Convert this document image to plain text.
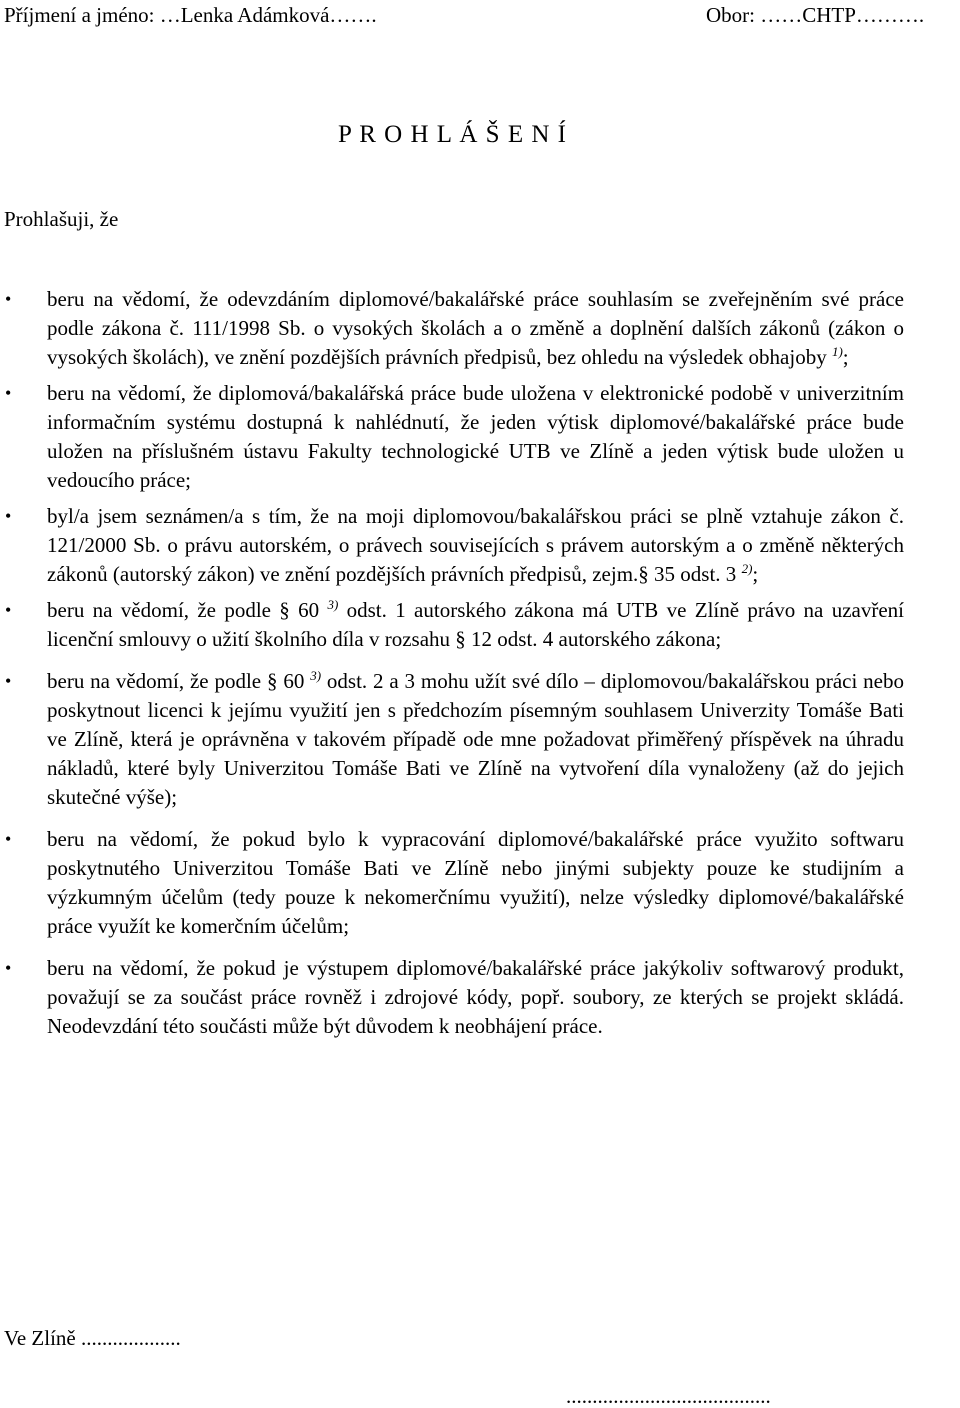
Příjmení a jméno: …Lenka Adámková…….	Obor: ……CHTP……….
P R O H L Á Š E N Í
Prohlašuji, že
• beru na vědomí, že odevzdáním diplomové/bakalářské práce souhlasím se zveřejněním své práce podle zákona č. 111/1998 Sb. o vysokých školách a o změně a doplnění dalších zákonů (zákon o vysokých školách), ve znění pozdějších právních předpisů, bez ohledu na výsledek obhajoby $^{1)}$;
• beru na vědomí, že diplomová/bakalářská práce bude uložena v elektronické podobě v univerzitním informačním systému dostupná k nahlédnutí, že jeden výtisk diplomové/bakalářské práce bude uložen na příslušném ústavu Fakulty technologické UTB ve Zlíně a jeden výtisk bude uložen u vedoucího práce;
• byl/a jsem seznámen/a s tím, že na moji diplomovou/bakalářskou práci se plně vztahuje zákon č. 121/2000 Sb. o právu autorském, o právech souvisejících s právem autorským a o změně některých zákonů (autorský zákon) ve znění pozdějších právních předpisů, zejm.§ 35 odst. 3 $^{2)}$;
• beru na vědomí, že podle § 60 $^{3)}$ odst. 1 autorského zákona má UTB ve Zlíně právo na uzavření licenční smlouvy o užití školního díla v rozsahu § 12 odst. 4 autorského zákona;
• beru na vědomí, že podle § 60 $^{3)}$ odst. 2 a 3 mohu užít své dílo – diplomovou/bakalářskou práci nebo poskytnout licenci k jejímu využití jen s předchozím písemným souhlasem Univerzity Tomáše Bati ve Zlíně, která je oprávněna v takovém případě ode mne požadovat přiměřený příspěvek na úhradu nákladů, které byly Univerzitou Tomáše Bati ve Zlíně na vytvoření díla vynaloženy (až do jejich skutečné výše);
• beru na vědomí, že pokud bylo k vypracování diplomové/bakalářské práce využito softwaru poskytnutého Univerzitou Tomáše Bati ve Zlíně nebo jinými subjekty pouze ke studijním a výzkumným účelům (tedy pouze k nekomerčnímu využití), nelze výsledky diplomové/bakalářské práce využít ke komerčním účelům;
• beru na vědomí, že pokud je výstupem diplomové/bakalářské práce jakýkoliv softwarový produkt, považují se za součást práce rovněž i zdrojové kódy, popř. soubory, ze kterých se projekt skládá. Neodevzdání této součásti může být důvodem k neobhájení práce.
Ve Zlíně ...................
.......................................
